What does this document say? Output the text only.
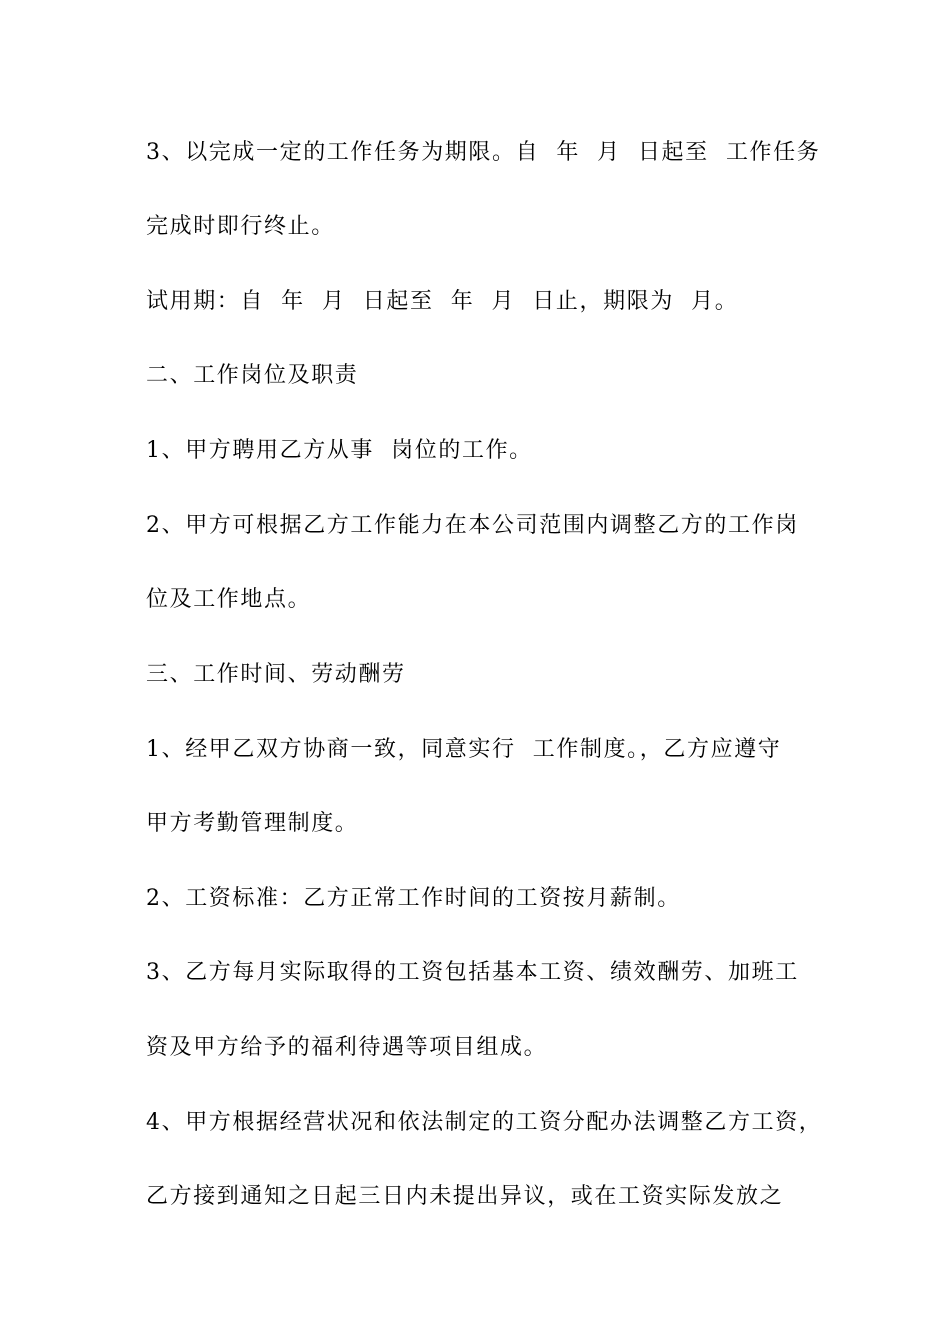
3、以完成一定的工作任务为期限。自  年  月  日起至  工作任务
完成时即行终止。
试用期：自  年  月  日起至  年  月  日止，期限为  月。
二、工作岗位及职责
1、甲方聘用乙方从事  岗位的工作。
2、甲方可根据乙方工作能力在本公司范围内调整乙方的工作岗
位及工作地点。
三、工作时间、劳动酬劳
1、经甲乙双方协商一致，同意实行  工作制度。，乙方应遵守
甲方考勤管理制度。
2、工资标准：乙方正常工作时间的工资按月薪制。
3、乙方每月实际取得的工资包括基本工资、绩效酬劳、加班工
资及甲方给予的福利待遇等项目组成。
4、甲方根据经营状况和依法制定的工资分配办法调整乙方工资，
乙方接到通知之日起三日内未提出异议，或在工资实际发放之
